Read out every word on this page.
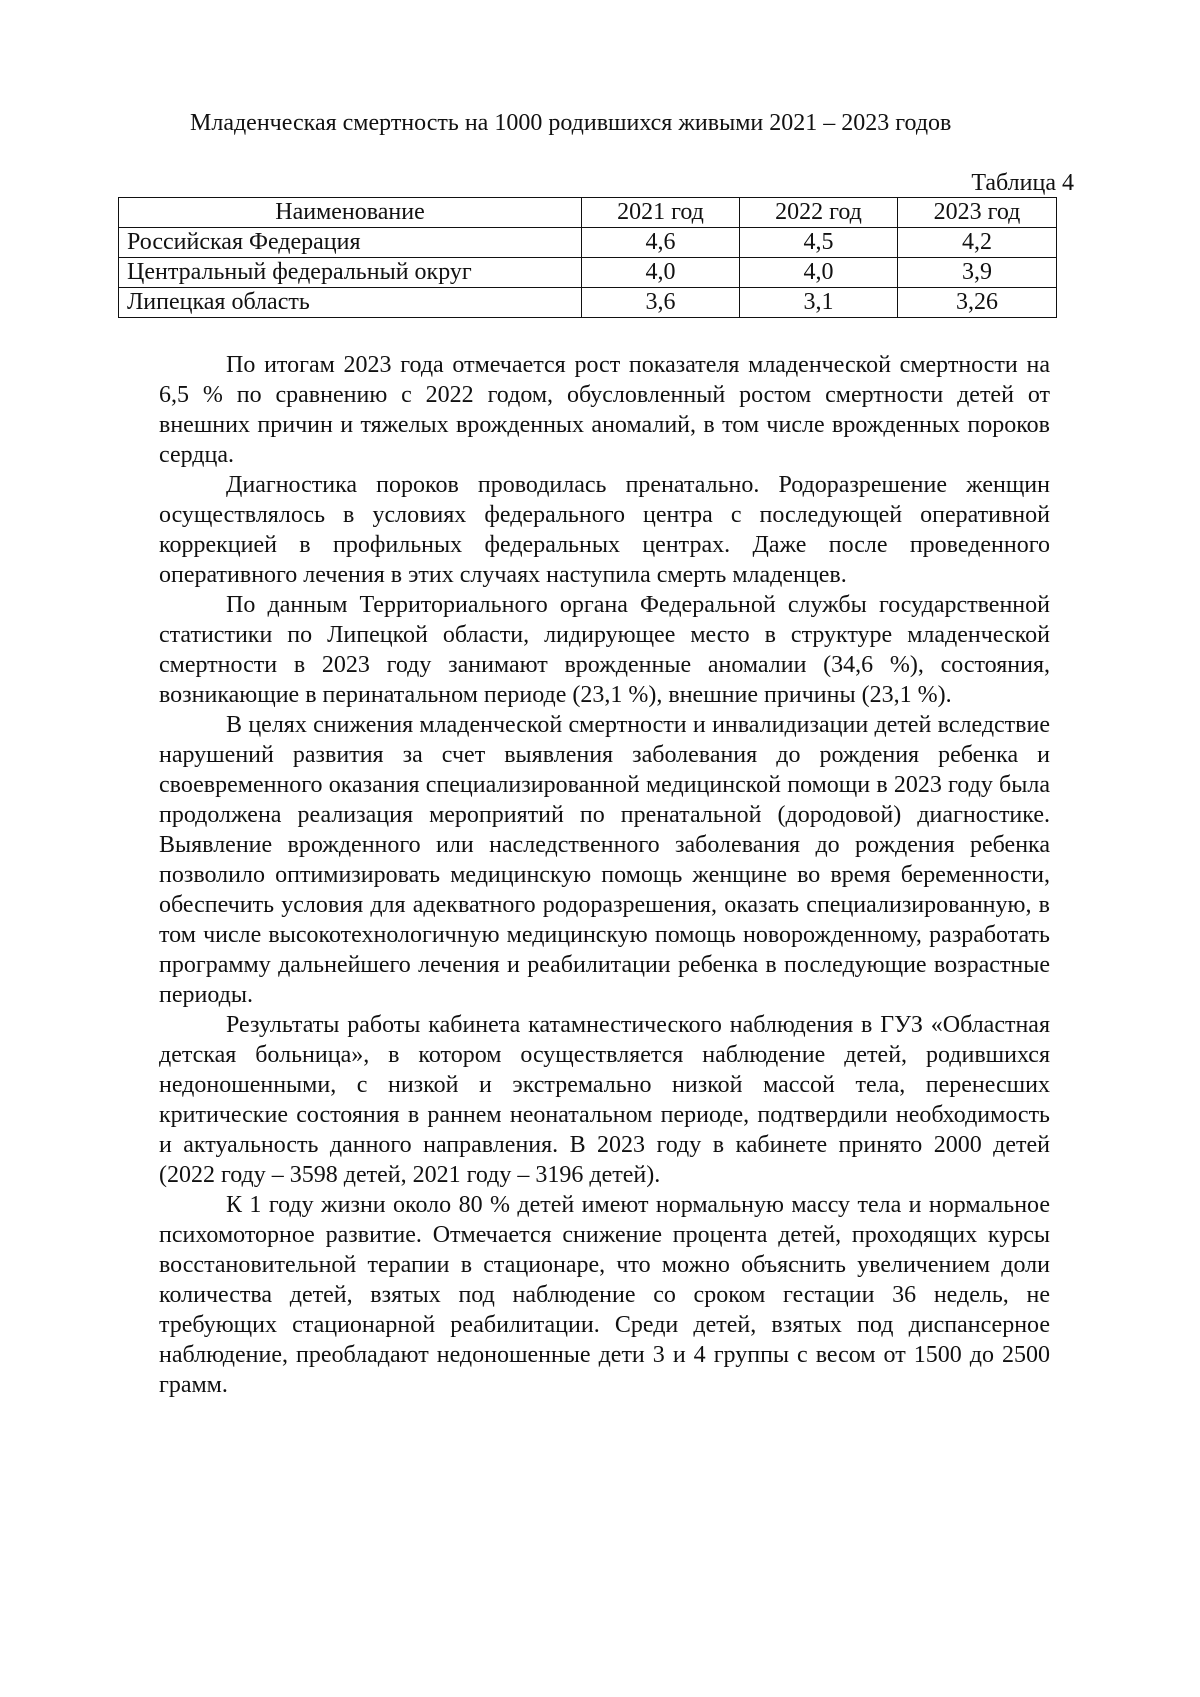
Младенческая смертность на 1000 родившихся живыми 2021 – 2023 годов
Таблица 4
Наименование	2021 год	2022 год	2023 год
Российская Федерация	4,6	4,5	4,2
Центральный федеральный округ	4,0	4,0	3,9
Липецкая область	3,6	3,1	3,26

По итогам 2023 года отмечается рост показателя младенческой смертности на 6,5 % по сравнению с 2022 годом, обусловленный ростом смертности детей от внешних причин и тяжелых врожденных аномалий, в том числе врожденных пороков сердца.

Диагностика пороков проводилась пренатально. Родоразрешение женщин осуществлялось в условиях федерального центра с последующей оперативной коррекцией в профильных федеральных центрах. Даже после проведенного оперативного лечения в этих случаях наступила смерть младенцев.

По данным Территориального органа Федеральной службы государственной статистики по Липецкой области, лидирующее место в структуре младенческой смертности в 2023 году занимают врожденные аномалии (34,6 %), состояния, возникающие в перинатальном периоде (23,1 %), внешние причины (23,1 %).

В целях снижения младенческой смертности и инвалидизации детей вследствие нарушений развития за счет выявления заболевания до рождения ребенка и своевременного оказания специализированной медицинской помощи в 2023 году была продолжена реализация мероприятий по пренатальной (дородовой) диагностике. Выявление врожденного или наследственного заболевания до рождения ребенка позволило оптимизировать медицинскую помощь женщине во время беременности, обеспечить условия для адекватного родоразрешения, оказать специализированную, в том числе высокотехнологичную медицинскую помощь новорожденному, разработать программу дальнейшего лечения и реабилитации ребенка в последующие возрастные периоды.

Результаты работы кабинета катамнестического наблюдения в ГУЗ «Областная детская больница», в котором осуществляется наблюдение детей, родившихся недоношенными, с низкой и экстремально низкой массой тела, перенесших критические состояния в раннем неонатальном периоде, подтвердили необходимость и актуальность данного направления. В 2023 году в кабинете принято 2000 детей (2022 году – 3598 детей, 2021 году – 3196 детей).

К 1 году жизни около 80 % детей имеют нормальную массу тела и нормальное психомоторное развитие. Отмечается снижение процента детей, проходящих курсы восстановительной терапии в стационаре, что можно объяснить увеличением доли количества детей, взятых под наблюдение со сроком гестации 36 недель, не требующих стационарной реабилитации. Среди детей, взятых под диспансерное наблюдение, преобладают недоношенные дети 3 и 4 группы с весом от 1500 до 2500 грамм.
